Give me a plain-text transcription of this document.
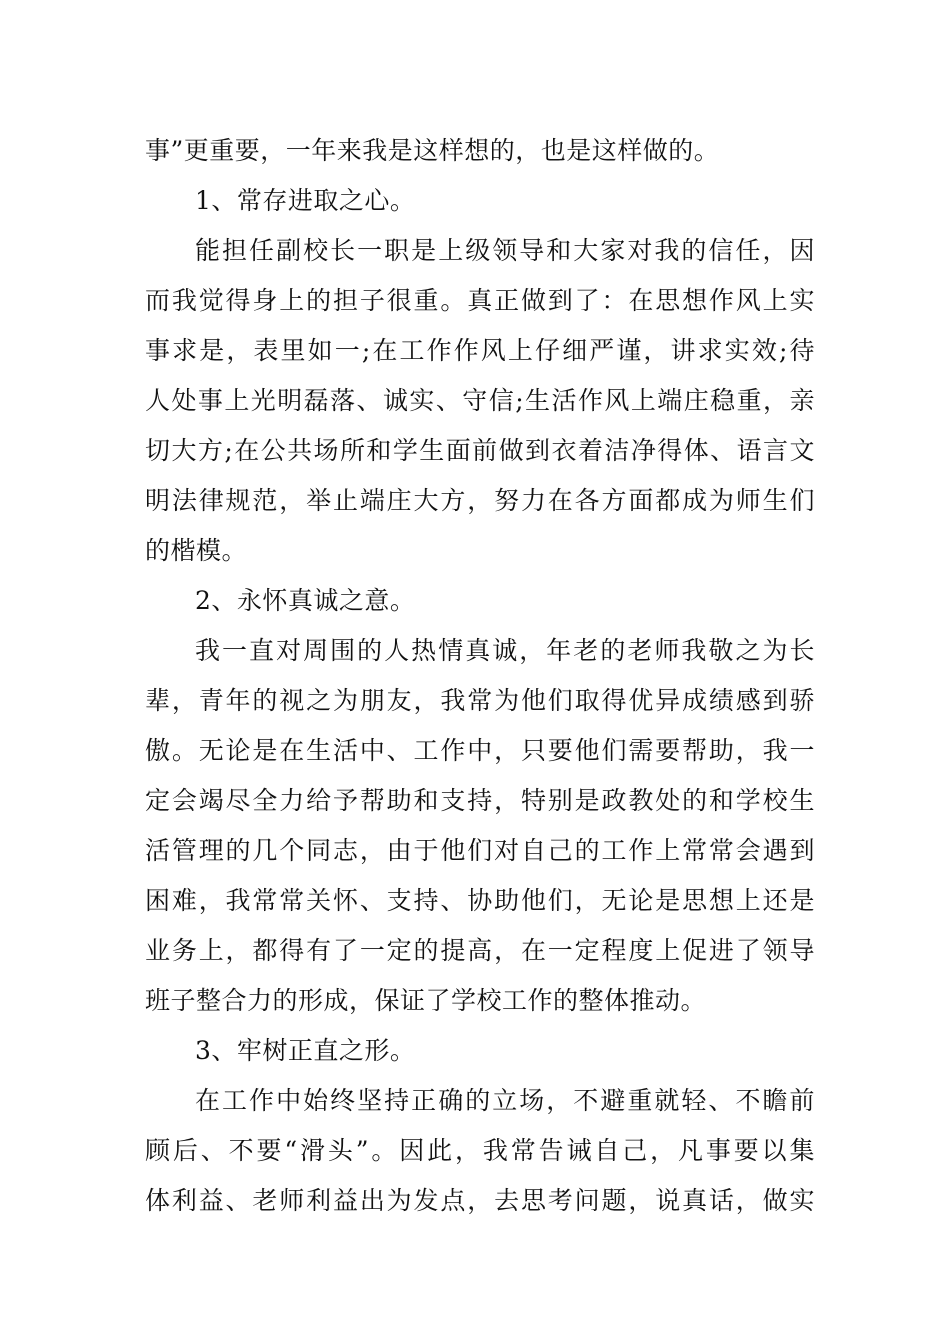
事”更重要，一年来我是这样想的，也是这样做的。
1、常存进取之心。
能担任副校长一职是上级领导和大家对我的信任，因
而我觉得身上的担子很重。真正做到了：在思想作风上实
事求是，表里如一;在工作作风上仔细严谨，讲求实效;待
人处事上光明磊落、诚实、守信;生活作风上端庄稳重，亲
切大方;在公共场所和学生面前做到衣着洁净得体、语言文
明法律规范，举止端庄大方，努力在各方面都成为师生们
的楷模。
2、永怀真诚之意。
我一直对周围的人热情真诚，年老的老师我敬之为长
辈，青年的视之为朋友，我常为他们取得优异成绩感到骄
傲。无论是在生活中、工作中，只要他们需要帮助，我一
定会竭尽全力给予帮助和支持，特别是政教处的和学校生
活管理的几个同志，由于他们对自己的工作上常常会遇到
困难，我常常关怀、支持、协助他们，无论是思想上还是
业务上，都得有了一定的提高，在一定程度上促进了领导
班子整合力的形成，保证了学校工作的整体推动。
3、牢树正直之形。
在工作中始终坚持正确的立场，不避重就轻、不瞻前
顾后、不要“滑头”。因此，我常告诫自己，凡事要以集
体利益、老师利益出为发点，去思考问题，说真话，做实
